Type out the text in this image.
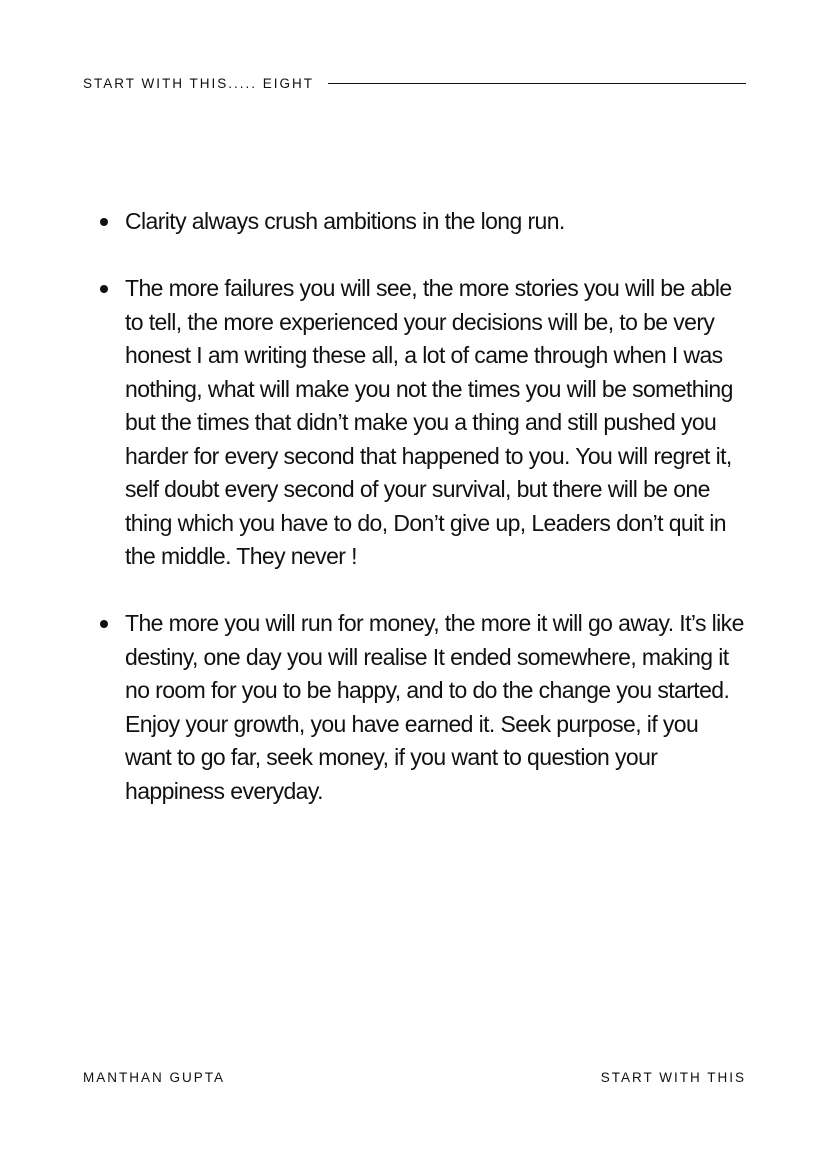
START WITH THIS..... EIGHT
Clarity always crush ambitions in the long run.
The more failures you will see, the more stories you will be able to tell, the more experienced your decisions will be, to be very honest I am writing these all, a lot of came through when I was nothing, what will make you not the times you will be something but the times that didn’t make you a thing and still pushed you harder for every second that happened to you. You will regret it, self doubt every second of your survival, but there will be one thing which you have to do, Don’t give up, Leaders don’t quit in the middle. They never !
The more you will run for money, the more it will go away. It’s like destiny, one day you will realise It ended somewhere, making it no room for you to be happy, and to do the change you started. Enjoy your growth, you have earned it. Seek purpose, if you want to go far, seek money, if you want to question your happiness everyday.
MANTHAN GUPTA	START WITH THIS
